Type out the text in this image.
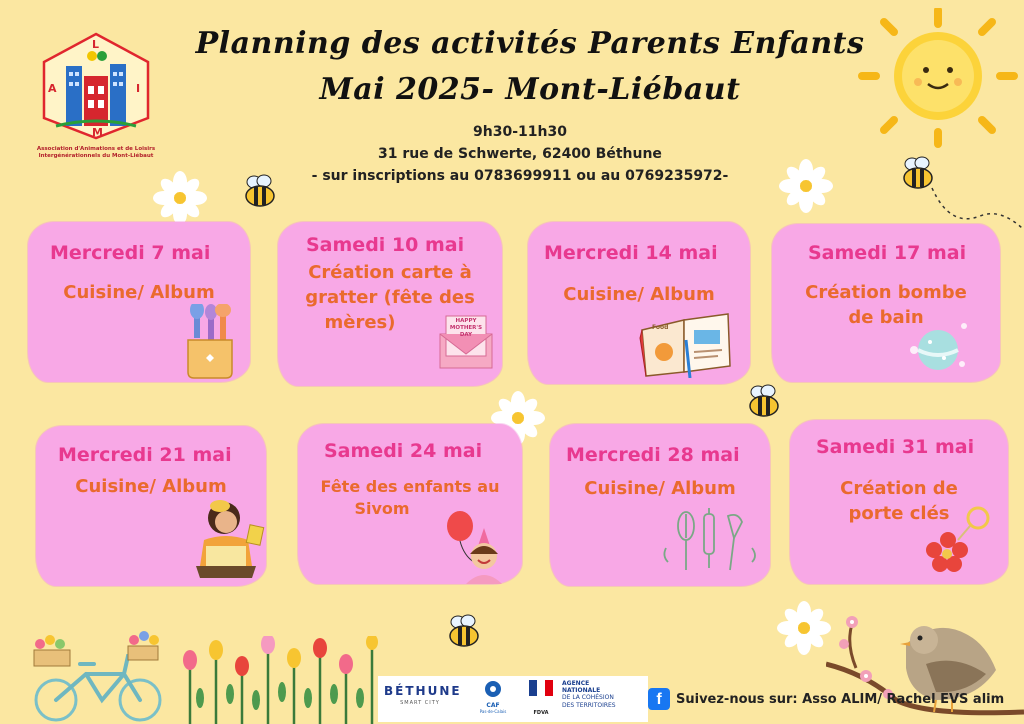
A
L
I
M
Association d'Animations et de Loisirs
Intergénérationnels du Mont-Liébaut
Planning des activités Parents Enfants
Mai 2025- Mont-Liébaut
9h30-11h30
31 rue de Schwerte, 62400 Béthune
- sur inscriptions au 0783699911 ou au 0769235972-
Mercredi 7 mai
Cuisine/ Album
Samedi 10 mai
Création carte à
gratter (fête des
mères)	HAPPY
MOTHER'S
DAY
Mercredi 14 mai
Cuisine/ Album
Food
Samedi 17 mai
Création bombe
de bain
Mercredi 21 mai
Cuisine/ Album
Samedi 24 mai
Fête des enfants au
Sivom
Mercredi 28 mai
Cuisine/ Album
Samedi 31 mai
Création de
porte clés
BÉTHUNE
SMART CITY	CAF
Pas-de-Calais	FDVA
AGENCE
NATIONALE
DE LA COHÉSION
DES TERRITOIRES	f	Suivez-nous sur: Asso ALIM/ Rachel EVS alim
